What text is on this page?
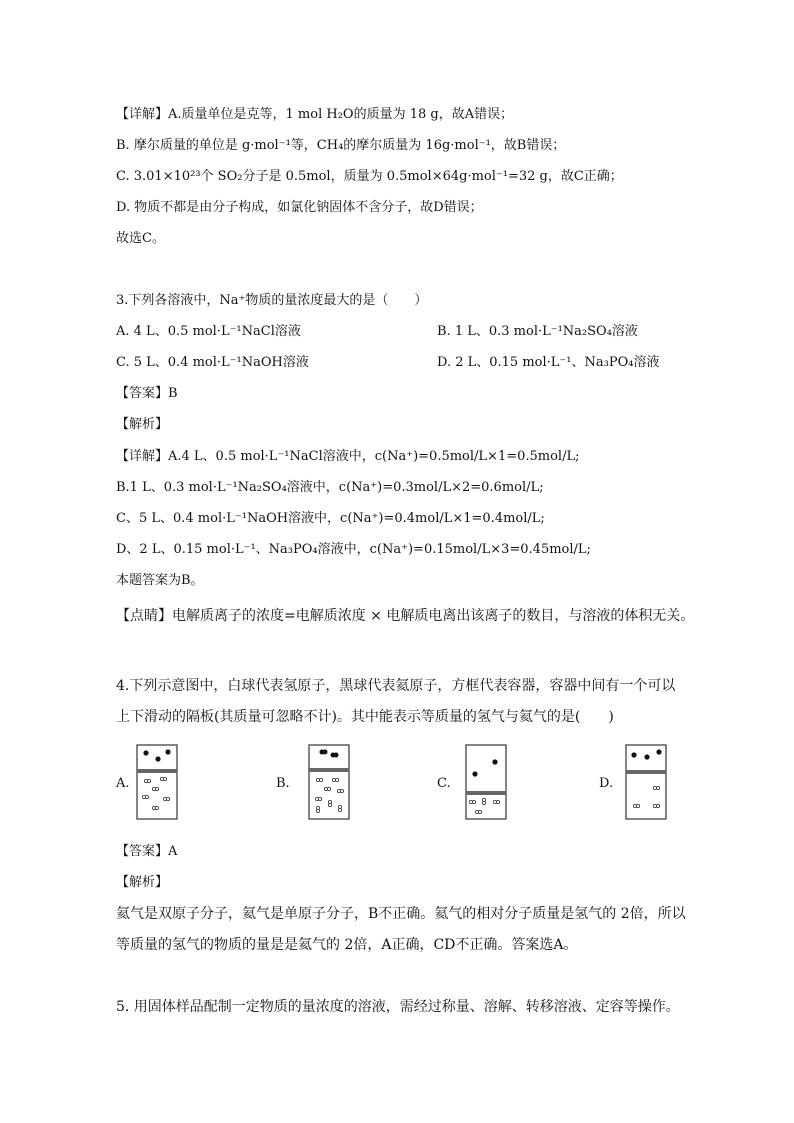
【详解】A.质量单位是克等，1 mol H₂O的质量为 18 g，故A错误；
B. 摩尔质量的单位是 g·mol⁻¹等，CH₄的摩尔质量为 16g·mol⁻¹，故B错误；
C. 3.01×10²³个 SO₂分子是 0.5mol，质量为 0.5mol×64g·mol⁻¹=32 g，故C正确；
D. 物质不都是由分子构成，如氯化钠固体不含分子，故D错误；
故选C。
3.下列各溶液中，Na⁺物质的量浓度最大的是（　　）
A. 4 L、0.5 mol·L⁻¹NaCl溶液	B. 1 L、0.3 mol·L⁻¹Na₂SO₄溶液
C. 5 L、0.4 mol·L⁻¹NaOH溶液	D. 2 L、0.15 mol·L⁻¹、Na₃PO₄溶液
【答案】B
【解析】
【详解】A.4 L、0.5 mol·L⁻¹NaCl溶液中，c(Na⁺)=0.5mol/L×1=0.5mol/L;
B.1 L、0.3 mol·L⁻¹Na₂SO₄溶液中，c(Na⁺)=0.3mol/L×2=0.6mol/L;
C、5 L、0.4 mol·L⁻¹NaOH溶液中，c(Na⁺)=0.4mol/L×1=0.4mol/L;
D、2 L、0.15 mol·L⁻¹、Na₃PO₄溶液中，c(Na⁺)=0.15mol/L×3=0.45mol/L;
本题答案为B。
【点睛】电解质离子的浓度=电解质浓度 × 电解质电离出该离子的数目，与溶液的体积无关。
4.下列示意图中，白球代表氢原子，黑球代表氦原子，方框代表容器，容器中间有一个可以
上下滑动的隔板(其质量可忽略不计)。其中能表示等质量的氢气与氦气的是(　　)
A.	B.	C.	D.
【答案】A
【解析】
氦气是双原子分子，氦气是单原子分子，B不正确。氦气的相对分子质量是氢气的 2倍，所以
等质量的氢气的物质的量是是氦气的 2倍，A正确，CD不正确。答案选A。
5. 用固体样品配制一定物质的量浓度的溶液，需经过称量、溶解、转移溶液、定容等操作。
